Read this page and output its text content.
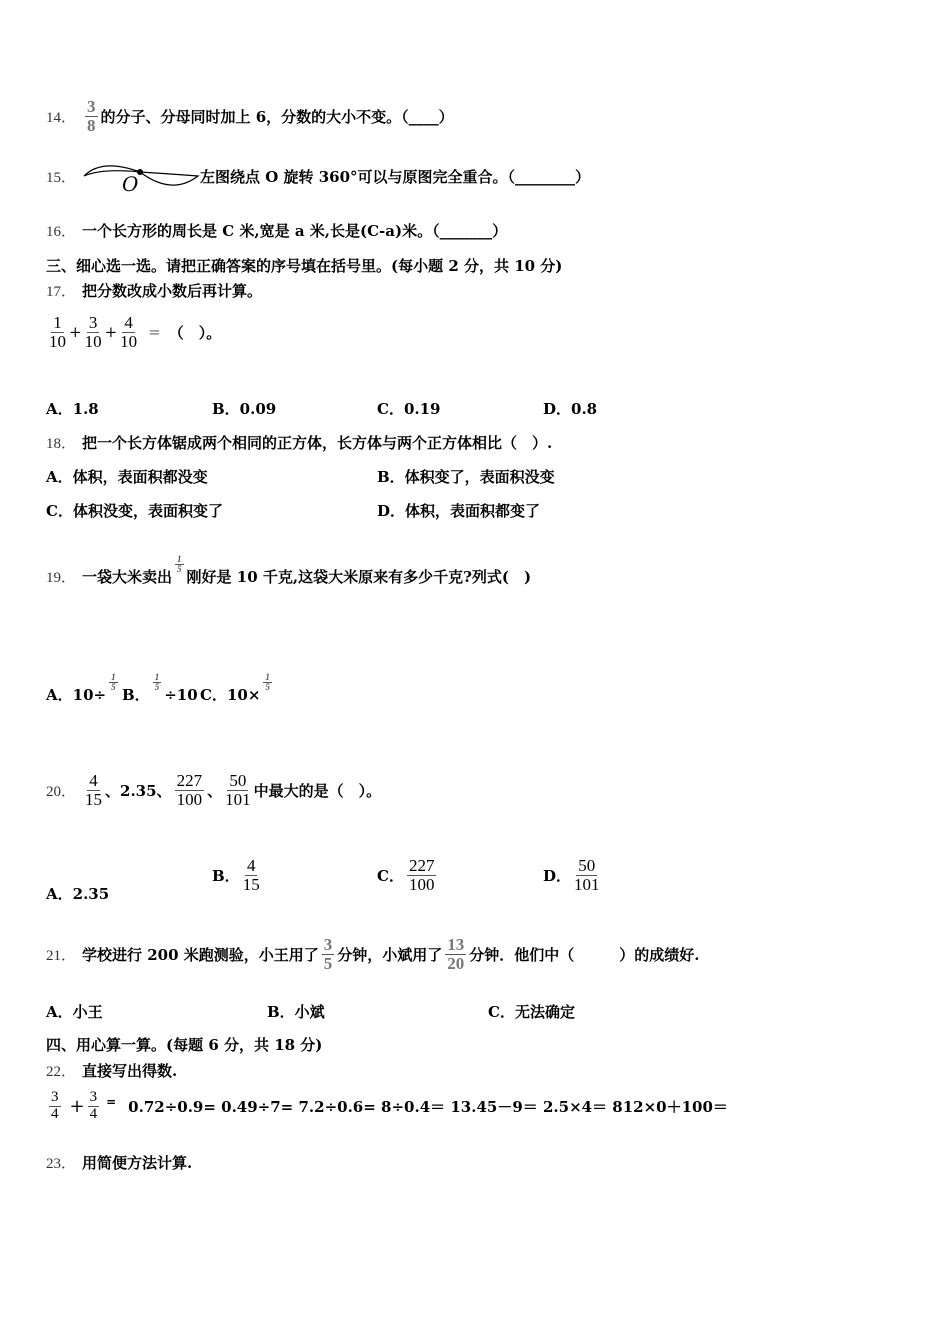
14． $\frac{3}{8}$ 的分子、分母同时加上 6，分数的大小不变。（____）
15． O	左图绕点 O 旋转 360°可以与原图完全重合。（________）
16． 一个长方形的周长是 C 米,宽是 a 米,长是(C-a)米。（_______）
三、细心选一选。请把正确答案的序号填在括号里。(每小题 2 分，共 10 分)
17． 把分数改成小数后再计算。
$\frac{1}{10} + \frac{3}{10} + \frac{4}{10}$ = （　）。
A．1.8	B．0.09	C．0.19	D．0.8
18． 把一个长方体锯成两个相同的正方体，长方体与两个正方体相比（　）.
A．体积，表面积都没变	B．体积变了，表面积没变
C．体积没变，表面积变了	D．体积，表面积都变了
19． 一袋大米卖出
$\frac{1}{5}$
刚好是 10 千克,这袋大米原来有多少千克?列式(　)
A．10÷
$\frac{1}{5}$
B．
$\frac{1}{5}$
÷10 C．10×
$\frac{1}{5}$
20． $\frac{4}{15}$ 、2.35、 $\frac{227}{100}$ 、 $\frac{50}{101}$ 中最大的是（　）。
A．2.35
B． $\frac{4}{15}$	C． $\frac{227}{100}$	D． $\frac{50}{101}$
21． 学校进行 200 米跑测验，小王用了 $\frac{3}{5}$ 分钟，小斌用了 $\frac{13}{20}$ 分钟．他们中（　　　）的成绩好.
A．小王	B．小斌	C．无法确定
四、用心算一算。(每题 6 分，共 18 分)
22． 直接写出得数.
$\frac{3}{4} + \frac{3}{4} = 0.72\div 0.9= 0.49\div 7= 7.2\div 0.6= 8\div 0.4= 13.45-9= 2.5\times 4= 812\times 0+100=$
23． 用简便方法计算.
